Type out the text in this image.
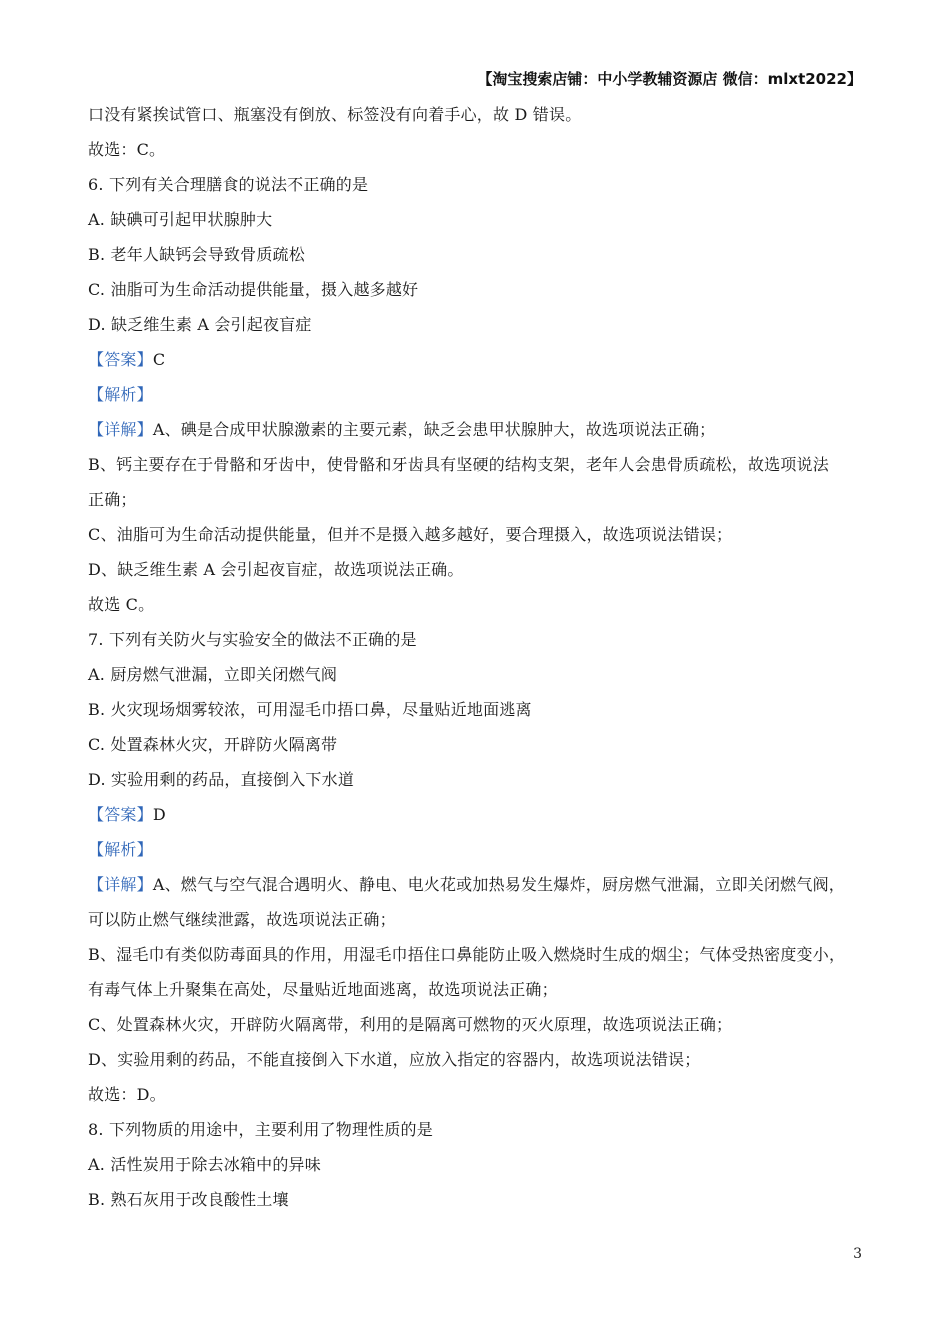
【淘宝搜索店铺：中小学教辅资源店 微信：mlxt2022】
口没有紧挨试管口、瓶塞没有倒放、标签没有向着手心，故 D 错误。
故选：C。
6. 下列有关合理膳食的说法不正确的是
A. 缺碘可引起甲状腺肿大
B. 老年人缺钙会导致骨质疏松
C. 油脂可为生命活动提供能量，摄入越多越好
D. 缺乏维生素 A 会引起夜盲症
【答案】C
【解析】
【详解】A、碘是合成甲状腺激素的主要元素，缺乏会患甲状腺肿大，故选项说法正确；
B、钙主要存在于骨骼和牙齿中，使骨骼和牙齿具有坚硬的结构支架，老年人会患骨质疏松，故选项说法
正确；
C、油脂可为生命活动提供能量，但并不是摄入越多越好，要合理摄入，故选项说法错误；
D、缺乏维生素 A 会引起夜盲症，故选项说法正确。
故选 C。
7. 下列有关防火与实验安全的做法不正确的是
A. 厨房燃气泄漏，立即关闭燃气阀
B. 火灾现场烟雾较浓，可用湿毛巾捂口鼻，尽量贴近地面逃离
C. 处置森林火灾，开辟防火隔离带
D. 实验用剩的药品，直接倒入下水道
【答案】D
【解析】
【详解】A、燃气与空气混合遇明火、静电、电火花或加热易发生爆炸，厨房燃气泄漏，立即关闭燃气阀，
可以防止燃气继续泄露，故选项说法正确；
B、湿毛巾有类似防毒面具的作用，用湿毛巾捂住口鼻能防止吸入燃烧时生成的烟尘；气体受热密度变小，
有毒气体上升聚集在高处，尽量贴近地面逃离，故选项说法正确；
C、处置森林火灾，开辟防火隔离带，利用的是隔离可燃物的灭火原理，故选项说法正确；
D、实验用剩的药品，不能直接倒入下水道，应放入指定的容器内，故选项说法错误；
故选：D。
8. 下列物质的用途中，主要利用了物理性质的是
A. 活性炭用于除去冰箱中的异味
B. 熟石灰用于改良酸性土壤
3
